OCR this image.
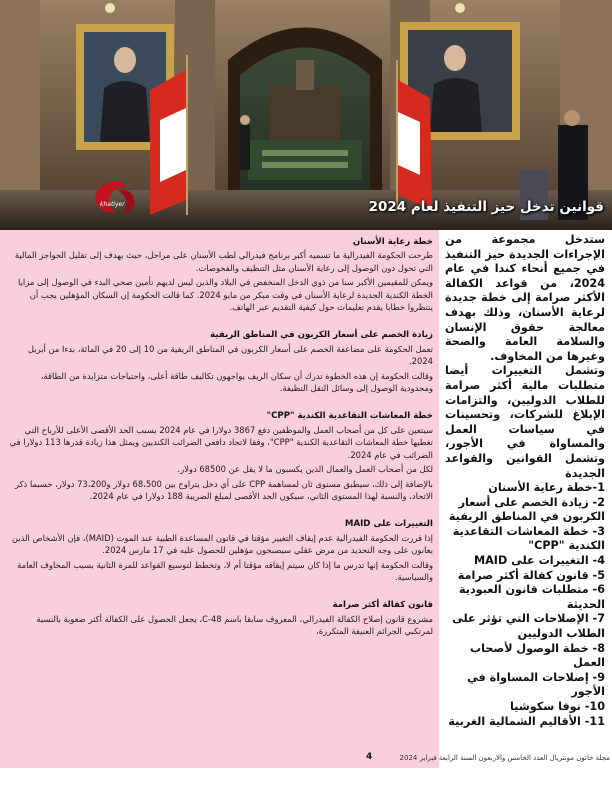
khatiyer	قوانين تدخل حيز التنفيذ لعام 2024
خطة رعاية الأسنان

طرحت الحكومة الفيدرالية ما تسميه أكبر برنامج فيدرالي لطب الأسنان على مراحل، حيث يهدف إلى تقليل الحواجز المالية التي تحول دون الوصول إلى رعاية الأسنان مثل التنظيف والفحوصات.

ويمكن للمقيمين الأكبر سنا من ذوي الدخل المنخفض في البلاد والذين ليس لديهم تأمين صحي البدء في الوصول إلى مزايا الخطة الكندية الجديدة لرعاية الأسنان في وقت مبكر من مايو 2024. كما قالت الحكومة إن السكان المؤهلين يجب أن ينتظروا خطابا يقدم تعليمات حول كيفية التقديم عبر الهاتف.

زيادة الخصم على أسعار الكربون في المناطق الريفية

تعمل الحكومة على مضاعفة الخصم على أسعار الكربون في المناطق الريفية من 10 إلى 20 في المائة، بدءا من أبريل 2024.

وقالت الحكومة إن هذه الخطوة تدرك أن سكان الريف يواجهون تكاليف طاقة أعلى، واحتياجات متزايدة من الطاقة، ومحدودية الوصول إلى وسائل النقل النظيفة.

خطة المعاشات التقاعدية الكندية "CPP"

سيتعين على كل من أصحاب العمل والموظفين دفع 3867 دولارا في عام 2024 بسبب الحد الأقصى الأعلى للأرباح التي تغطيها خطة المعاشات التقاعدية الكندية "CPP"، وفقا لاتحاد دافعي الضرائب الكنديين ويمثل هذا زيادة قدرها 113 دولارا في الضرائب في عام 2024.

لكل من أصحاب العمل والعمال الذين يكسبون ما لا يقل عن 68500 دولار.

بالإضافة إلى ذلك، سيطبق مستوى ثان لمساهمة CPP على أي دخل يتراوح بين 68،500 دولار و73،200 دولار، حسبما ذكر الاتحاد، والنسبة لهذا المستوى الثاني، سيكون الحد الأقصى لمبلغ الضريبة 188 دولارا في عام 2024.

التغييرات على MAID

إذا قررت الحكومة الفيدرالية عدم إيقاف التغيير مؤقتا في قانون المساعدة الطبية عند الموت (MAID)، فإن الأشخاص الذين يعانون على وجه التحديد من مرض عقلي سيصبحون مؤهلين للحصول عليه في 17 مارس 2024.

وقالت الحكومة إنها تدرس ما إذا كان سيتم إيقافه مؤقتا أم لا، وتخطط لتوسيع القواعد للمرة الثانية بسبب المخاوف العامة والسياسية.

قانون كفالة أكثر صرامة

مشروع قانون إصلاح الكفالة الفيدرالي، المعروف سابقا باسم C-48، يجعل الحصول على الكفالة أكثر صعوبة بالنسبة لمرتكبي الجرائم العنيفة المتكررة،

ستدخل مجموعة من الإجراءات الجديدة حيز التنفيذ في جميع أنحاء كندا في عام 2024، من قواعد الكفالة الأكثر صرامة إلى خطة جديدة لرعاية الأسنان، وذلك بهدف معالجة حقوق الإنسان والسلامة العامة والصحة وغيرها من المخاوف.

وتشمل التغييرات أيضا متطلبات مالية أكثر صرامة للطلاب الدوليين، والتزامات الإبلاغ للشركات، وتحسينات في سياسات العمل والمساواة في الأجور، وتشمل القوانين والقواعد الجديدة

1-خطة رعاية الأسنان
2- زيادة الخصم على أسعار الكربون في المناطق الريفية
3- خطة المعاشات التقاعدية الكندية "CPP"
4- التغييرات على MAID
5- قانون كفالة أكثر صرامة
6- متطلبات قانون العبودية الحديثة
7- الإصلاحات التي تؤثر على الطلاب الدوليين
8- خطة الوصول لأصحاب العمل
9- إصلاحات المساواة في الأجور
10- نوفا سكوشيا
11- الأقاليم الشمالية الغربية
مجلة خاتون مونتريال العدد الخامس والاربعون السنة الرابعة فبراير 2024
4
